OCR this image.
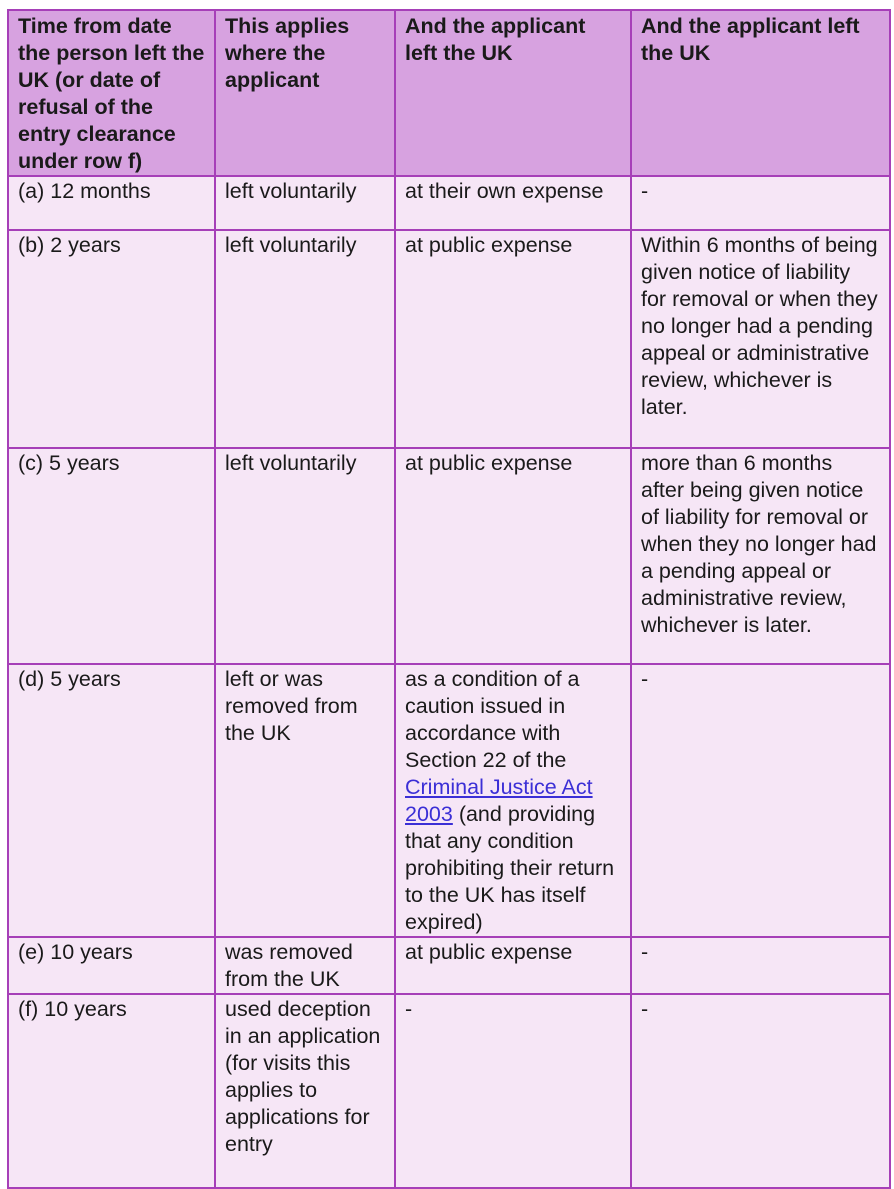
Time from date the person left the UK (or date of refusal of the entry clearance under row f)	This applies where the applicant	And the applicant left the UK	And the applicant left the UK
(a) 12 months	left voluntarily	at their own expense	-
(b) 2 years	left voluntarily	at public expense	Within 6 months of being given notice of liability for removal or when they no longer had a pending appeal or administrative review, whichever is later.
(c) 5 years	left voluntarily	at public expense	more than 6 months after being given notice of liability for removal or when they no longer had a pending appeal or administrative review, whichever is later.
(d) 5 years	left or was removed from the UK	as a condition of a caution issued in accordance with Section 22 of the Criminal Justice Act 2003 (and providing that any condition prohibiting their return to the UK has itself expired)	-
(e) 10 years	was removed from the UK	at public expense	-
(f) 10 years	used deception in an application (for visits this applies to applications for entry	-	-
